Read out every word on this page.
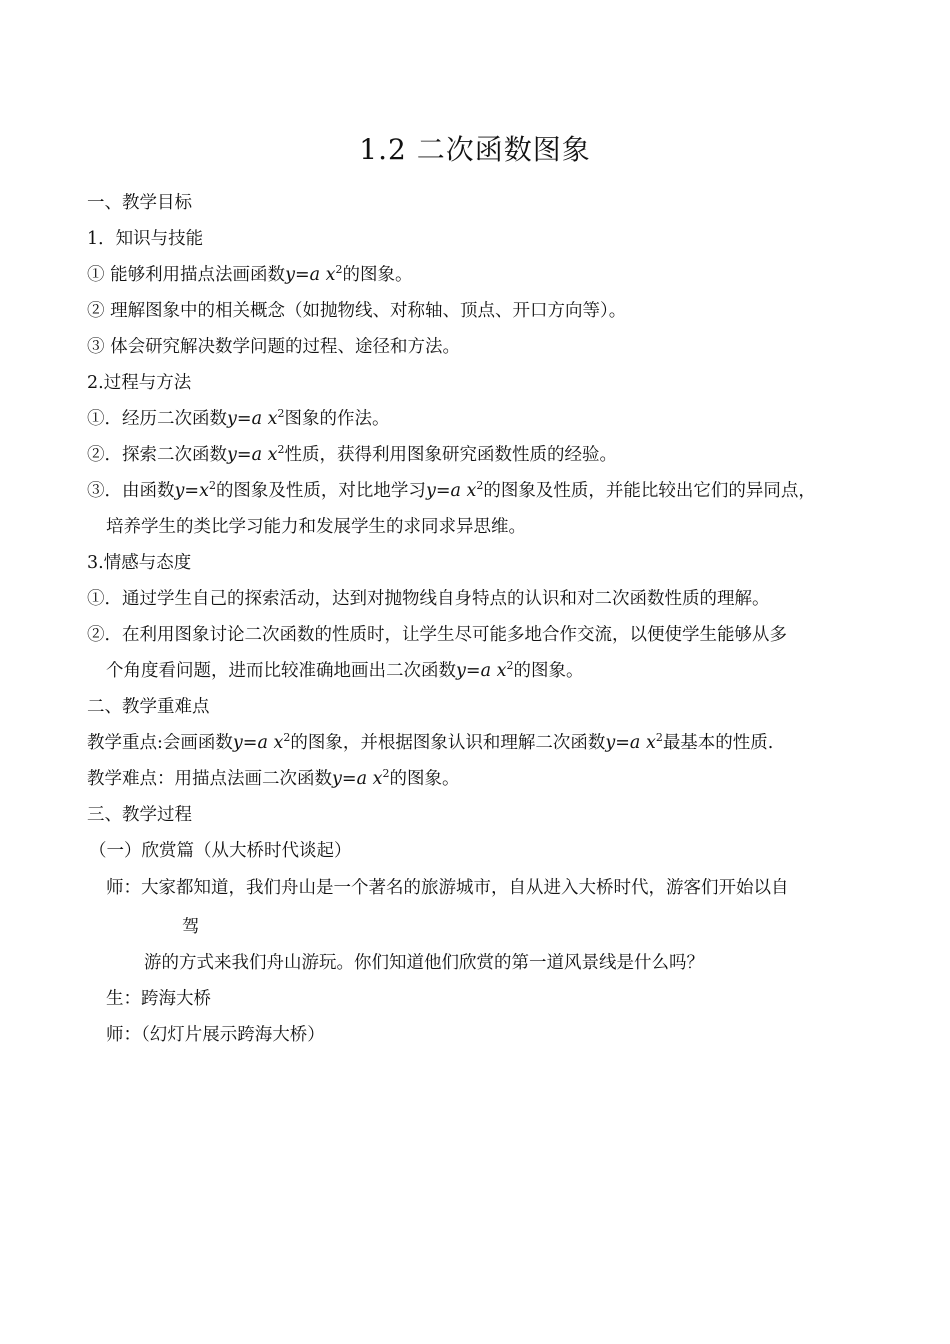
1.2 二次函数图象
一、教学目标
1．知识与技能
① 能够利用描点法画函数y=a $x^2$的图象。
② 理解图象中的相关概念（如抛物线、对称轴、顶点、开口方向等）。
③ 体会研究解决数学问题的过程、途径和方法。
2.过程与方法
①．经历二次函数y=a $x^2$图象的作法。
②．探索二次函数y=a $x^2$性质，获得利用图象研究函数性质的经验。
③．由函数$y=x^2$的图象及性质，对比地学习y=a $x^2$的图象及性质，并能比较出它们的异同点，
培养学生的类比学习能力和发展学生的求同求异思维。
3.情感与态度
①．通过学生自己的探索活动，达到对抛物线自身特点的认识和对二次函数性质的理解。
②．在利用图象讨论二次函数的性质时，让学生尽可能多地合作交流，以便使学生能够从多
个角度看问题，进而比较准确地画出二次函数y=a $x^2$的图象。
二、教学重难点
教学重点:会画函数y=a $x^2$的图象，并根据图象认识和理解二次函数y=a $x^2$最基本的性质.
教学难点：用描点法画二次函数y=a $x^2$的图象。
三、教学过程
（一）欣赏篇（从大桥时代谈起）
师：大家都知道，我们舟山是一个著名的旅游城市，自从进入大桥时代，游客们开始以自
驾
游的方式来我们舟山游玩。你们知道他们欣赏的第一道风景线是什么吗？
生：跨海大桥
师：（幻灯片展示跨海大桥）
